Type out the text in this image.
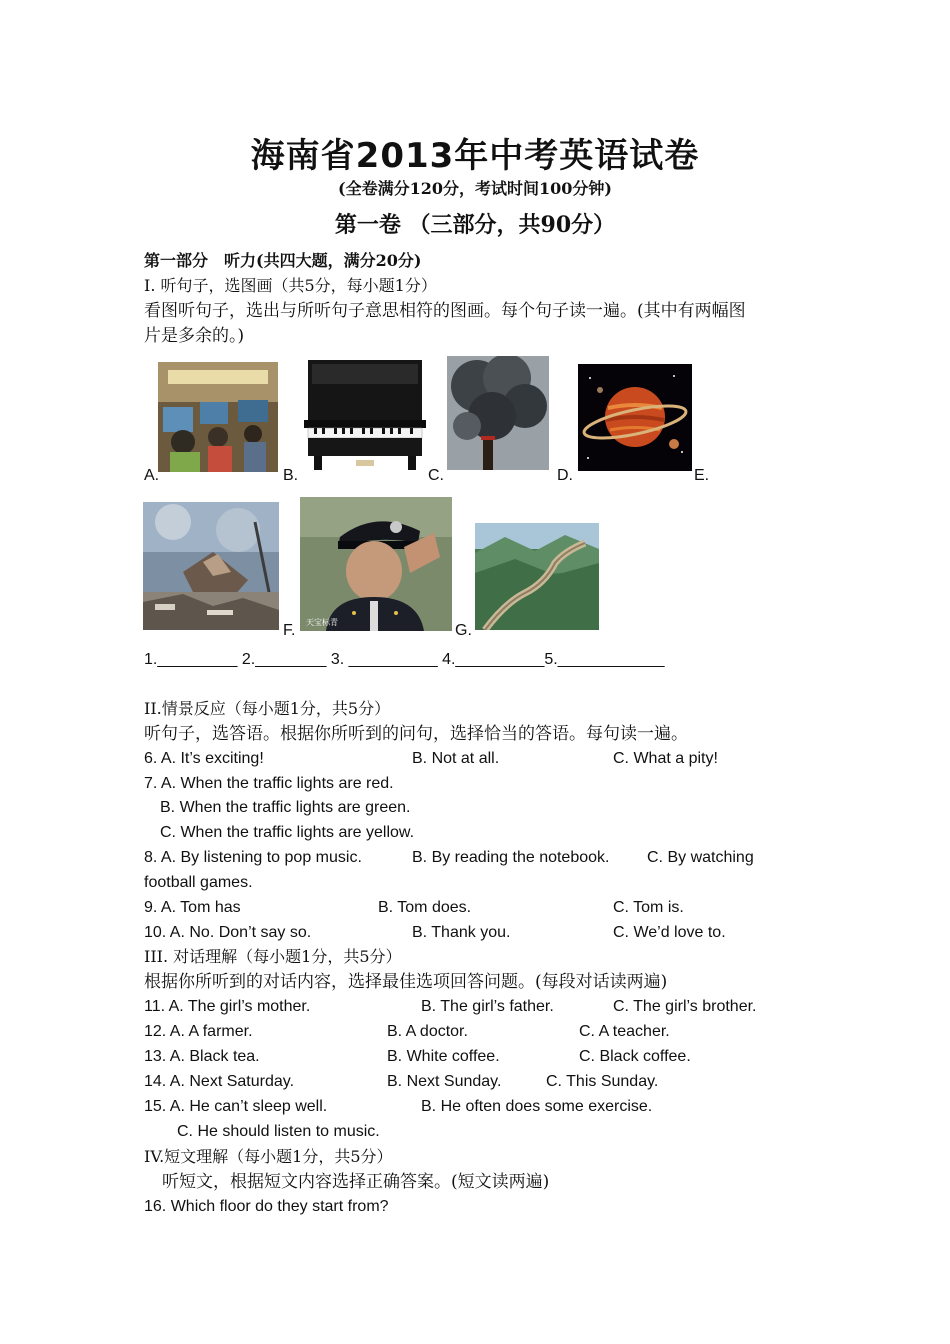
海南省2013年中考英语试卷
(全卷满分120分，考试时间100分钟)
第一卷 （三部分，共90分）
第一部分　听力(共四大题，满分20分)
I. 听句子，选图画（共5分，每小题1分）
看图听句子，选出与所听句子意思相符的图画。每个句子读一遍。(其中有两幅图
片是多余的。)
A.	B.	C.	D.	E.
F. 天宝标青	G.
1._________ 2.________ 3. __________ 4.__________5.____________
II.情景反应（每小题1分，共5分）
听句子，选答语。根据你所听到的问句，选择恰当的答语。每句读一遍。
6. A. It’s exciting!	B. Not at all.	C. What a pity!
7. A. When the traffic lights are red.
B. When the traffic lights are green.
C. When the traffic lights are yellow.
8. A. By listening to pop music.	B. By reading the notebook. C. By watching
football games.
9. A. Tom has	B. Tom does.	C. Tom is.
10. A. No. Don’t say so.	B. Thank you.	C. We’d love to.
III. 对话理解（每小题1分，共5分）
根据你所听到的对话内容，选择最佳选项回答问题。(每段对话读两遍)
11. A. The girl’s mother.	B. The girl’s father.	C. The girl’s brother.
12. A. A farmer.	B. A doctor.	C. A teacher.
13. A. Black tea.	B. White coffee.	C. Black coffee.
14. A. Next Saturday.	B. Next Sunday.	C. This Sunday.
15. A. He can’t sleep well.	B. He often does some exercise.
C. He should listen to music.
IV.短文理解（每小题1分，共5分）
听短文，根据短文内容选择正确答案。(短文读两遍)
16. Which floor do they start from?
